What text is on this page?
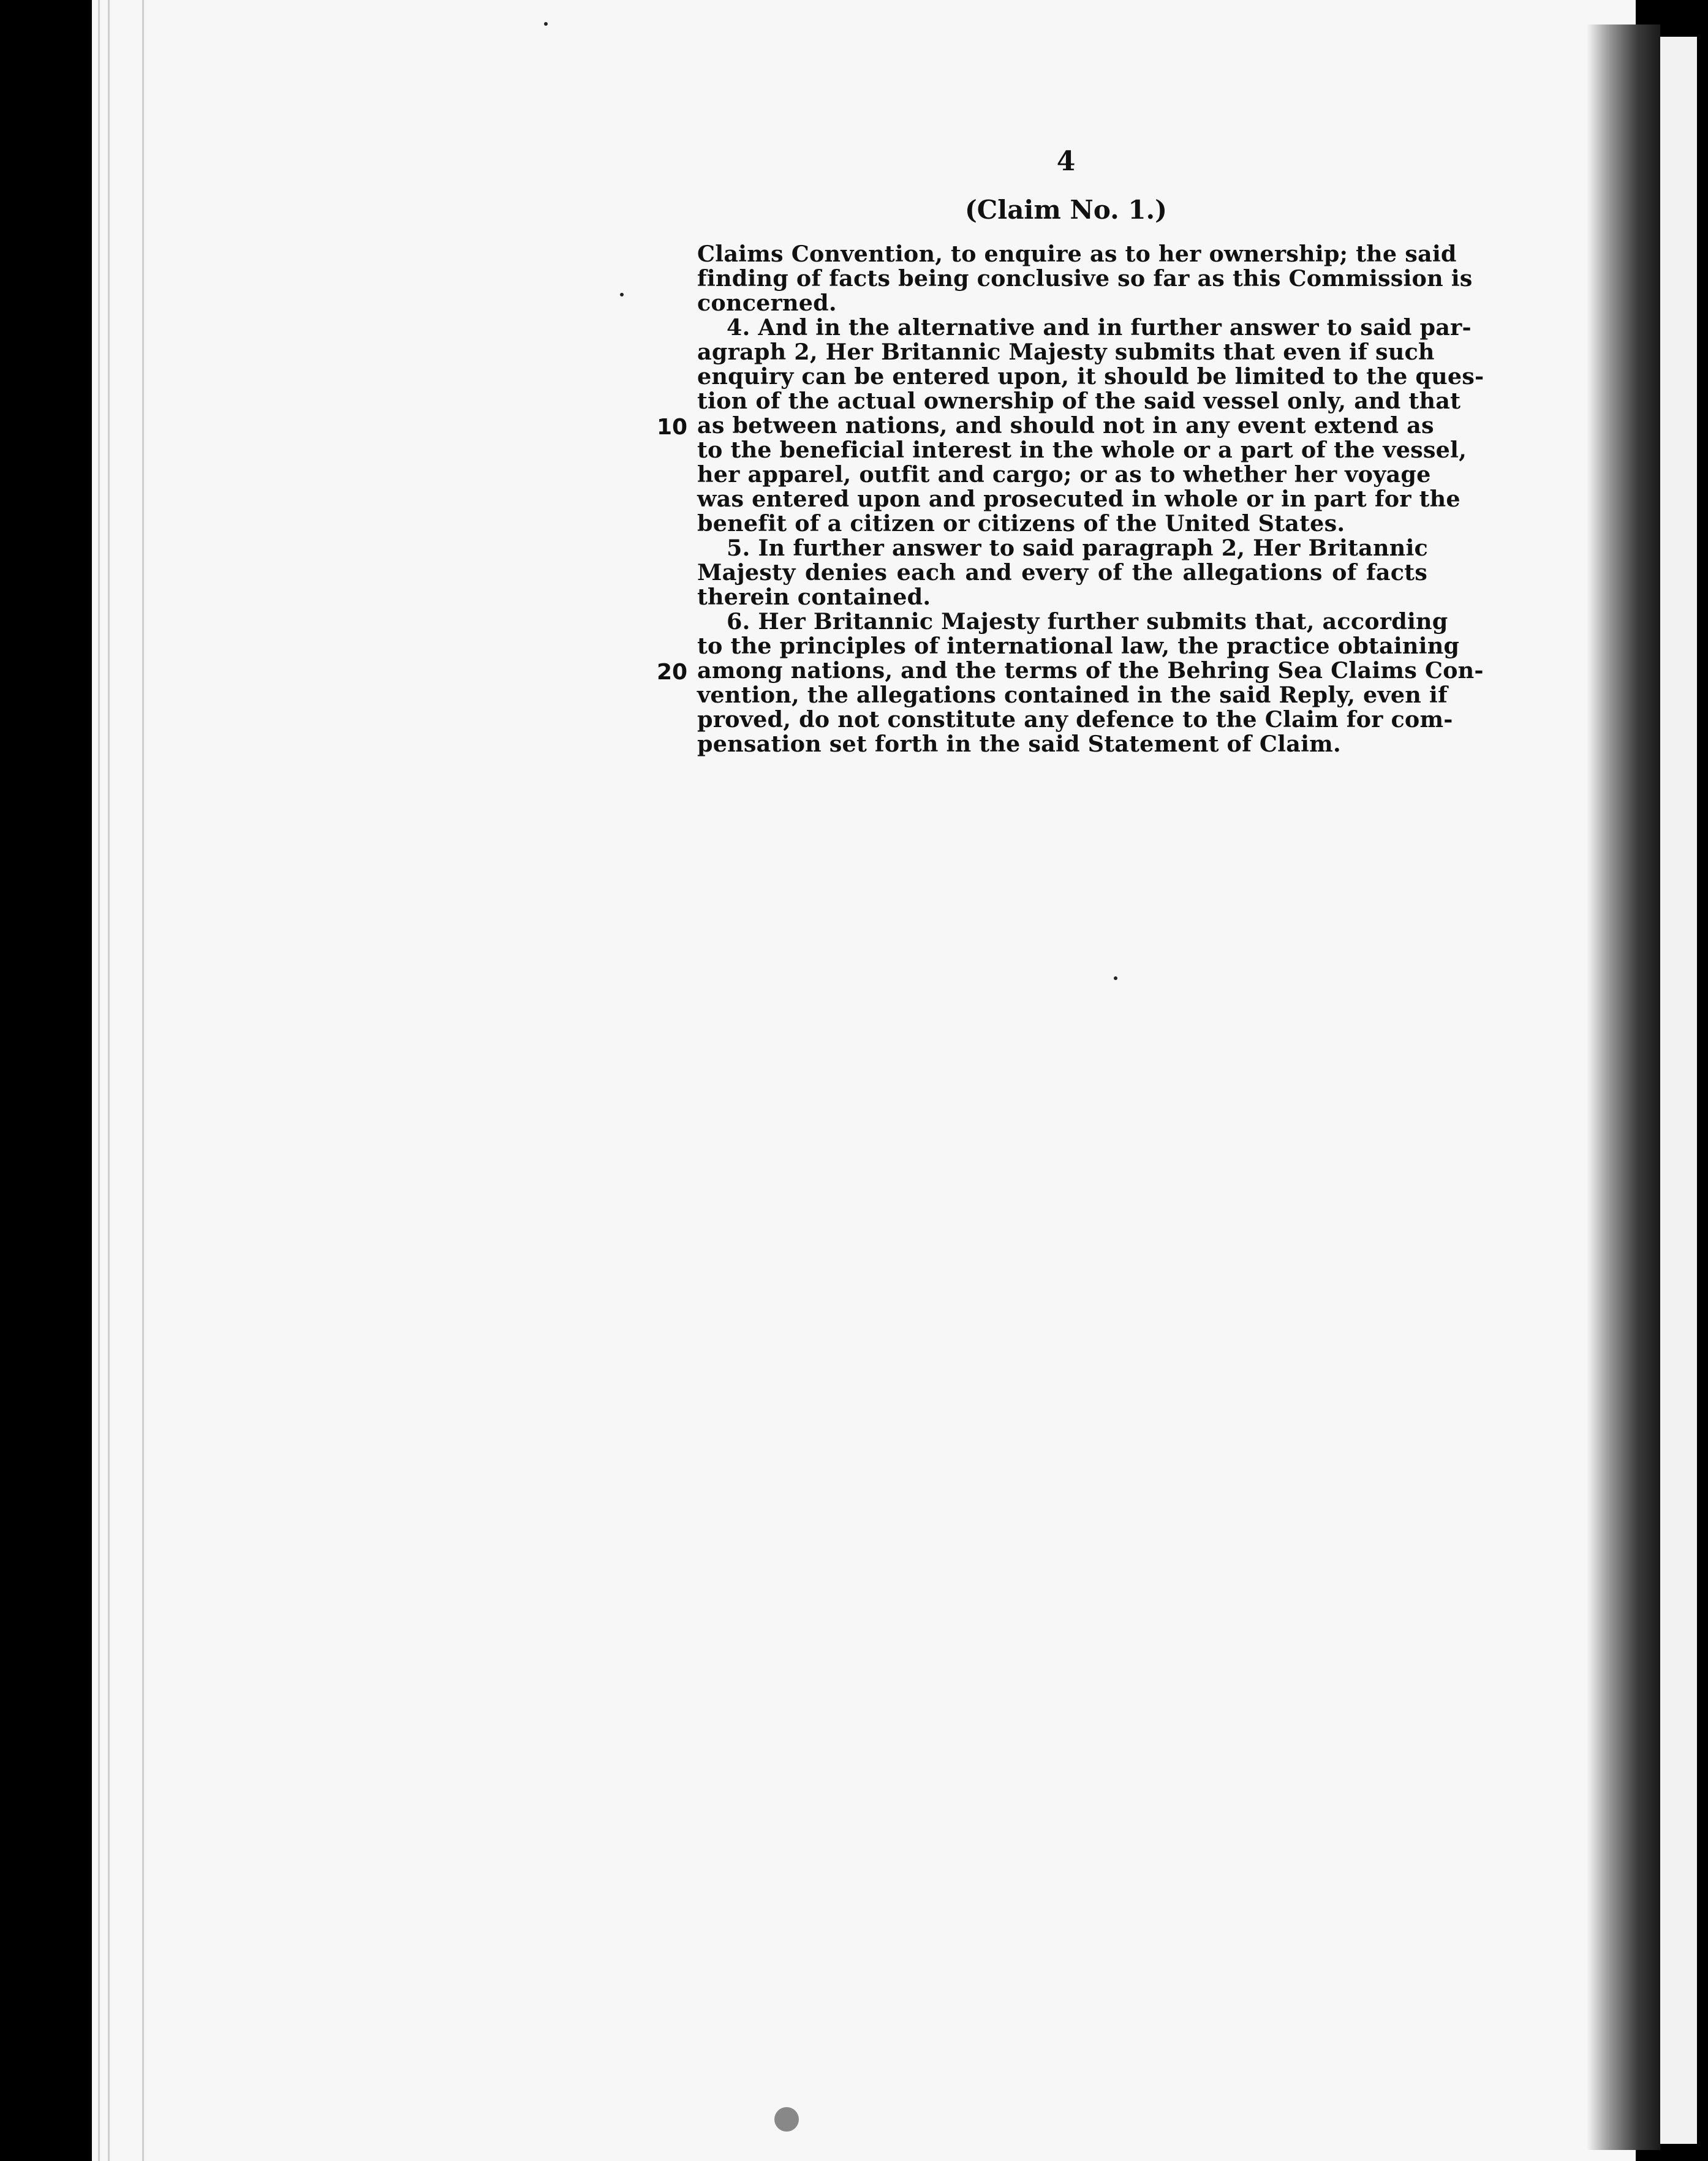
4
(Claim No. 1.)
Claims Convention, to enquire as to her ownership; the said
finding of facts being conclusive so far as this Commission is
concerned.
4. And in the alternative and in further answer to said par-
agraph 2, Her Britannic Majesty submits that even if such
enquiry can be entered upon, it should be limited to the ques-
tion of the actual ownership of the said vessel only, and that
as between nations, and should not in any event extend as
to the beneficial interest in the whole or a part of the vessel,
her apparel, outfit and cargo; or as to whether her voyage
was entered upon and prosecuted in whole or in part for the
benefit of a citizen or citizens of the United States.
5. In further answer to said paragraph 2, Her Britannic
Majesty denies each and every of the allegations of facts
therein contained.
6. Her Britannic Majesty further submits that, according
to the principles of international law, the practice obtaining
among nations, and the terms of the Behring Sea Claims Con-
vention, the allegations contained in the said Reply, even if
proved, do not constitute any defence to the Claim for com-
pensation set forth in the said Statement of Claim.
10
20
